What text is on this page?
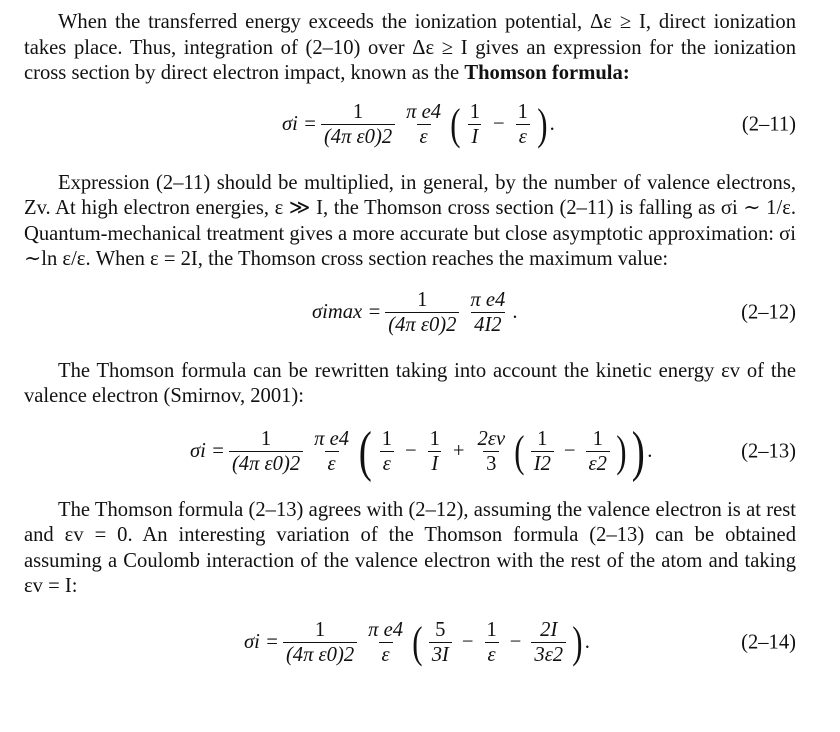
When the transferred energy exceeds the ionization potential, Δε ≥ I, direct ionization takes place. Thus, integration of (2–10) over Δε ≥ I gives an expression for the ionization cross section by direct electron impact, known as the Thomson formula:

$\sigma i = \frac{1}{\text{(4π ε0)2}} \frac{\text{π e4}}{\varepsilon}$ ( $\frac{1}{I} - \frac{1}{\varepsilon}$ ) .	(2–11)

Expression (2–11) should be multiplied, in general, by the number of valence electrons, Zv. At high electron energies, ε ≫ I, the Thomson cross section (2–11) is falling as σi ∼ 1/ε. Quantum-mechanical treatment gives a more accurate but close asymptotic approximation: σi ∼ln ε/ε. When ε = 2I, the Thomson cross section reaches the maximum value:

$\sigma imax = \frac{1}{\text{(4π ε0)2}} \frac{\text{π e4}}{4I2}$ .	(2–12)

The Thomson formula can be rewritten taking into account the kinetic energy εv of the valence electron (Smirnov, 2001):

$\sigma i = \frac{1}{\text{(4π ε0)2}} \frac{\text{π e4}}{\varepsilon}$ ( $\frac{1}{\varepsilon} - \frac{1}{I} + \frac{2\varepsilon v}{3}$ ( $\frac{1}{I2} - \frac{1}{\varepsilon 2}$ ) ) .	(2–13)

The Thomson formula (2–13) agrees with (2–12), assuming the valence electron is at rest and εv = 0. An interesting variation of the Thomson formula (2–13) can be obtained assuming a Coulomb interaction of the valence electron with the rest of the atom and taking εv = I:

$\sigma i = \frac{1}{\text{(4π ε0)2}} \frac{\text{π e4}}{\varepsilon}$ ( $\frac{5}{3I} - \frac{1}{\varepsilon} - \frac{2I}{3\varepsilon 2}$ ) .	(2–14)
